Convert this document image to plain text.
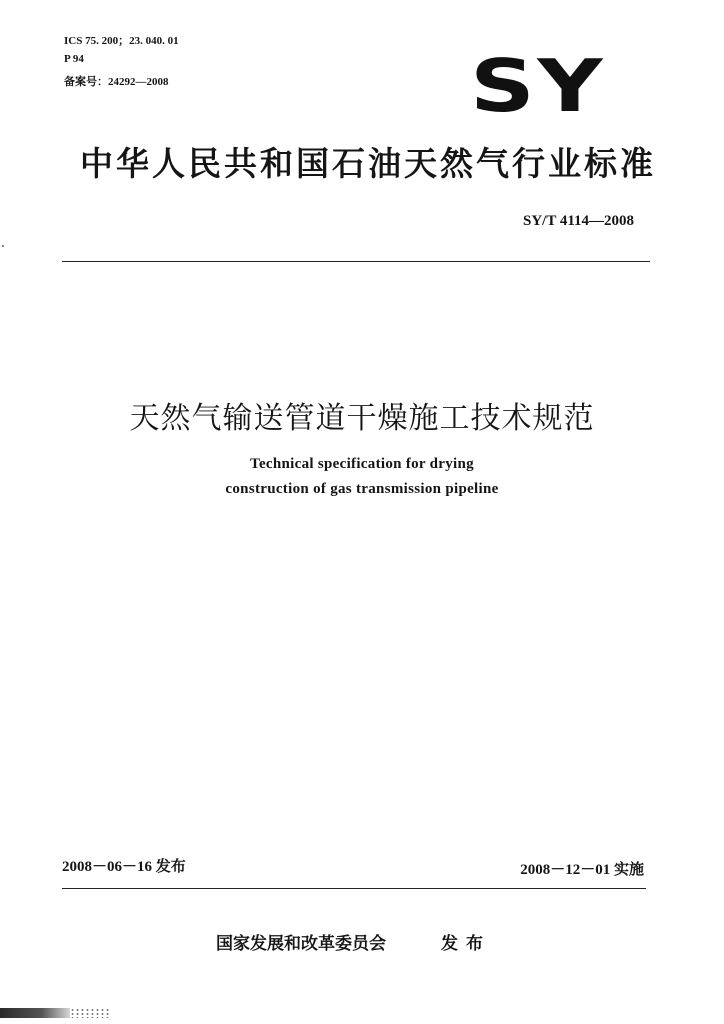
ICS 75. 200；23. 040. 01
P 94
备案号：24292—2008	SY
中华人民共和国石油天然气行业标准
SY/T 4114—2008
天然气输送管道干燥施工技术规范
Technical specification for drying
construction of gas transmission pipeline
2008－06－16 发布	2008－12－01 实施
国家发展和改革委员会	发布
